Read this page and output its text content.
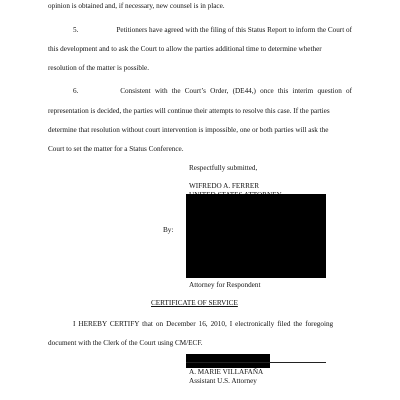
opinion is obtained and, if necessary, new counsel is in place.
5.	Petitioners have agreed with the filing of this Status Report to inform the Court of
this development and to ask the Court to allow the parties additional time to determine whether
resolution of the matter is possible.
6.	Consistent with the Court’s Order, (DE44,) once this interim question of
representation is decided, the parties will continue their attempts to resolve this case. If the parties
determine that resolution without court intervention is impossible, one or both parties will ask the
Court to set the matter for a Status Conference.
Respectfully submitted,
WIFREDO A. FERRER
By:
Attorney for Respondent
CERTIFICATE OF SERVICE
I HEREBY CERTIFY that on December 16, 2010, I electronically filed the foregoing
document with the Clerk of the Court using CM/ECF.
A. MARIE VILLAFAÑA
Assistant U.S. Attorney
